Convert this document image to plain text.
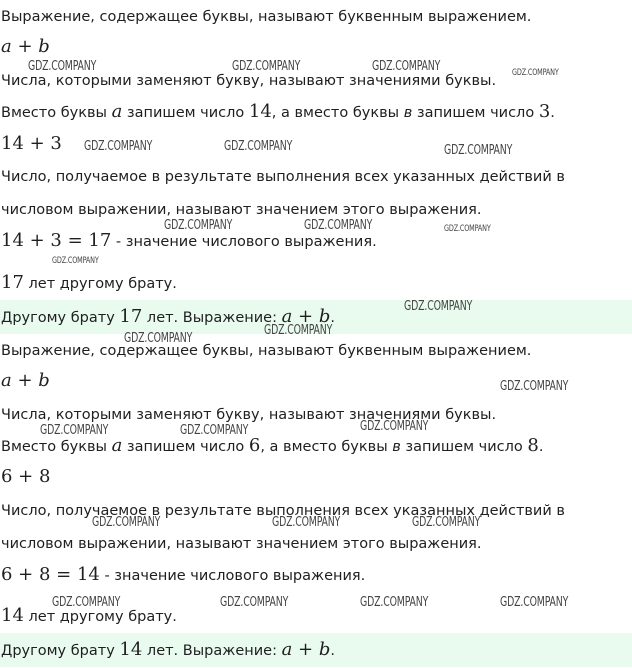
Выражение, содержащее буквы, называют буквенным выражением.
a + b
Числа, которыми заменяют букву, называют значениями буквы.
Вместо буквы a запишем число 14, а вместо буквы в запишем число 3.
14 + 3
Число, получаемое в результате выполнения всех указанных действий в
числовом выражении, называют значением этого выражения.
14 + 3 = 17 - значение числового выражения.
17 лет другому брату.
Другому брату 17 лет. Выражение: a + b.
Выражение, содержащее буквы, называют буквенным выражением.
a + b
Числа, которыми заменяют букву, называют значениями буквы.
Вместо буквы a запишем число 6, а вместо буквы в запишем число 8.
6 + 8
Число, получаемое в результате выполнения всех указанных действий в
числовом выражении, называют значением этого выражения.
6 + 8 = 14 - значение числового выражения.
14 лет другому брату.
Другому брату 14 лет. Выражение: a + b.
GDZ.COMPANY	GDZ.COMPANY	GDZ.COMPANY	GDZ.COMPANY
GDZ.COMPANY	GDZ.COMPANY	GDZ.COMPANY
GDZ.COMPANY	GDZ.COMPANY	GDZ.COMPANY
GDZ.COMPANY
GDZ.COMPANY
GDZ.COMPANY
GDZ.COMPANY
GDZ.COMPANY
GDZ.COMPANY	GDZ.COMPANY	GDZ.COMPANY
GDZ.COMPANY	GDZ.COMPANY	GDZ.COMPANY
GDZ.COMPANY	GDZ.COMPANY	GDZ.COMPANY	GDZ.COMPANY
